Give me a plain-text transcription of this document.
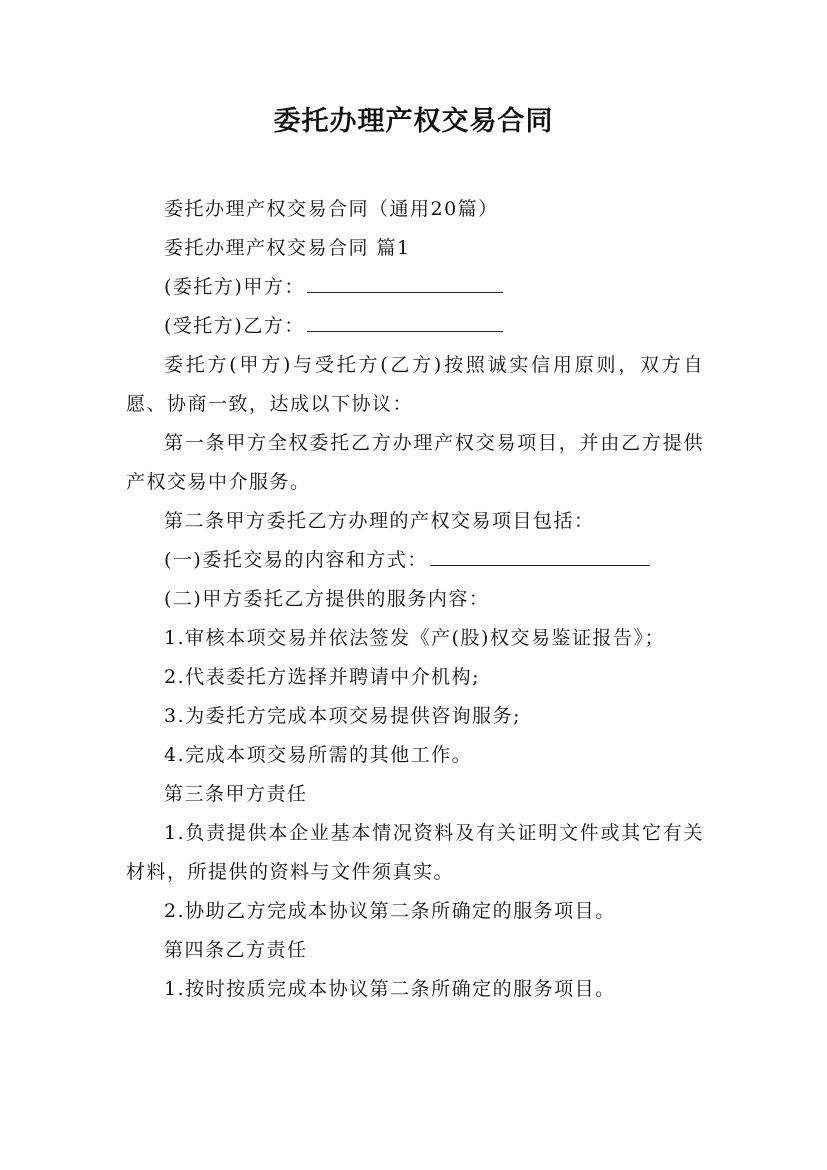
委托办理产权交易合同

委托办理产权交易合同（通用20篇）

委托办理产权交易合同 篇1

(委托方)甲方：

(受托方)乙方：

委托方(甲方)与受托方(乙方)按照诚实信用原则，双方自愿、协商一致，达成以下协议：

第一条甲方全权委托乙方办理产权交易项目，并由乙方提供产权交易中介服务。

第二条甲方委托乙方办理的产权交易项目包括：

(一)委托交易的内容和方式：

(二)甲方委托乙方提供的服务内容：

1.审核本项交易并依法签发《产(股)权交易鉴证报告》；

2.代表委托方选择并聘请中介机构;

3.为委托方完成本项交易提供咨询服务;

4.完成本项交易所需的其他工作。

第三条甲方责任

1.负责提供本企业基本情况资料及有关证明文件或其它有关材料，所提供的资料与文件须真实。

2.协助乙方完成本协议第二条所确定的服务项目。

第四条乙方责任

1.按时按质完成本协议第二条所确定的服务项目。
